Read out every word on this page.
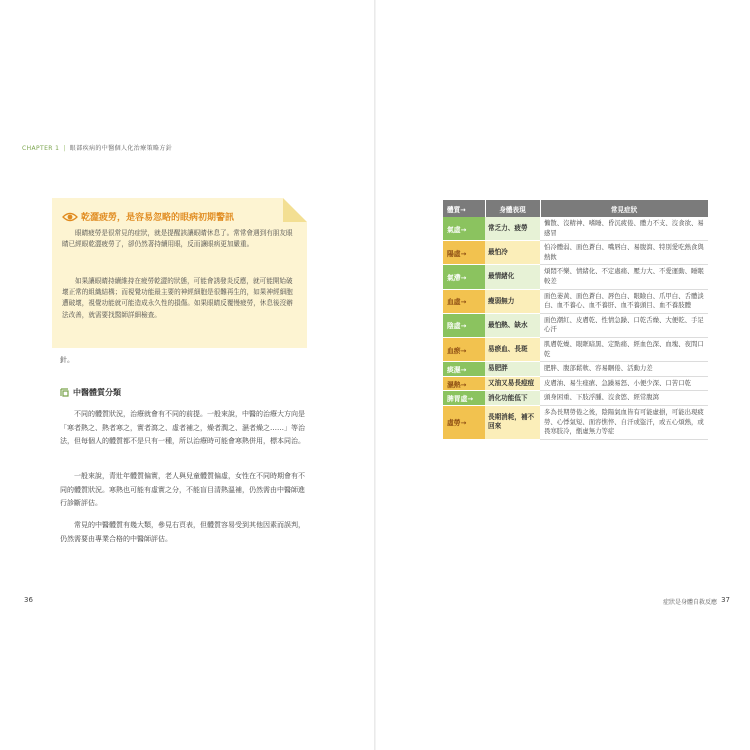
CHAPTER 1 | 眼部疾病的中醫個人化治療策略方針
乾澀疲勞，是容易忽略的眼病初期警訊

眼睛疲勞是很常見的症狀，就是提醒該讓眼睛休息了。常常會遇到有朋友眼睛已經眼乾澀疲勞了，卻仍然著持續用眼，反而讓眼病更加嚴重。

如果讓眼睛持續維持在疲勞乾澀的狀態，可能會誘發炎反應，就可能開始破壞正常的組織結構；而視覺功能最主要的神經細胞是很難再生的，如果神經細胞遭破壞，視覺功能就可能造成永久性的損傷。如果眼睛反覆慢疲勞，休息後沒辦法改善，就需要找醫師詳細檢查。

針。
中醫體質分類

不同的體質狀況，治療就會有不同的前提。一般來說，中醫的治療大方向是「寒者熱之、熱者寒之，實者瀉之、虛者補之，燥者潤之、濕者燥之……」等治法，但每個人的體質都不是只有一種，所以治療時可能會寒熱併用，標本同治。

一般來說，青壯年體質偏實，老人與兒童體質偏虛，女性在不同時期會有不同的體質狀況。寒熱也可能有虛實之分，不能盲目清熱溫補，仍然需由中醫師進行診斷評估。

常見的中醫體質有幾大類，參見右頁表，但體質容易受到其他因素而誤判，仍然需要由專業合格的中醫師評估。

36
體質→	身體表現	常見症狀
氣虛→	常乏力、疲勞	懶散、沒精神、嗜睡、昏沉疲倦、體力不支、沒食欲、易感冒
陽虛→	最怕冷	怕冷體弱、面色蒼白、嘴唇白、易腹瀉、特別愛吃熱食與熱飲
氣滯→	最情緒化	煩悶不樂、情緒化、不定處痛、壓力大、不愛運動、睡眠較差
血虛→	瘦弱無力	面色萎黃、面色蒼白、唇色白、眼瞼白、爪甲白、舌體淡白、血不養心、血不養肝、血不養頭目、血不養肢體
陰虛→	最怕熱、缺水	面色潮紅、皮膚乾、性情急躁、口乾舌燥、大便乾、手足心汗
血瘀→	易瘀血、長斑	肌膚乾燥、眼眶暗黑、定點痛、經血色深、血塊、夜間口乾
痰濕→	易肥胖	肥胖、腹部鬆軟、容易睏倦、活動力差
濕熱→	又油又易長痘痘	皮膚油、易生痤瘡、急躁易怒、小便少深、口苦口乾
脾胃虛→	消化功能低下	頭身困重、下肢浮腫、沒食慾、經常腹瀉
虛勞→	長期消耗，補不回來	多為長期勞倦之後，陰陽氣血皆有可能虛損，可能出現疲勞、心悸氣短、面容憔悴、自汗或盜汗，或五心煩熱，或畏寒肢冷，甑虛無力等症
症狀是身體自救反應 37
